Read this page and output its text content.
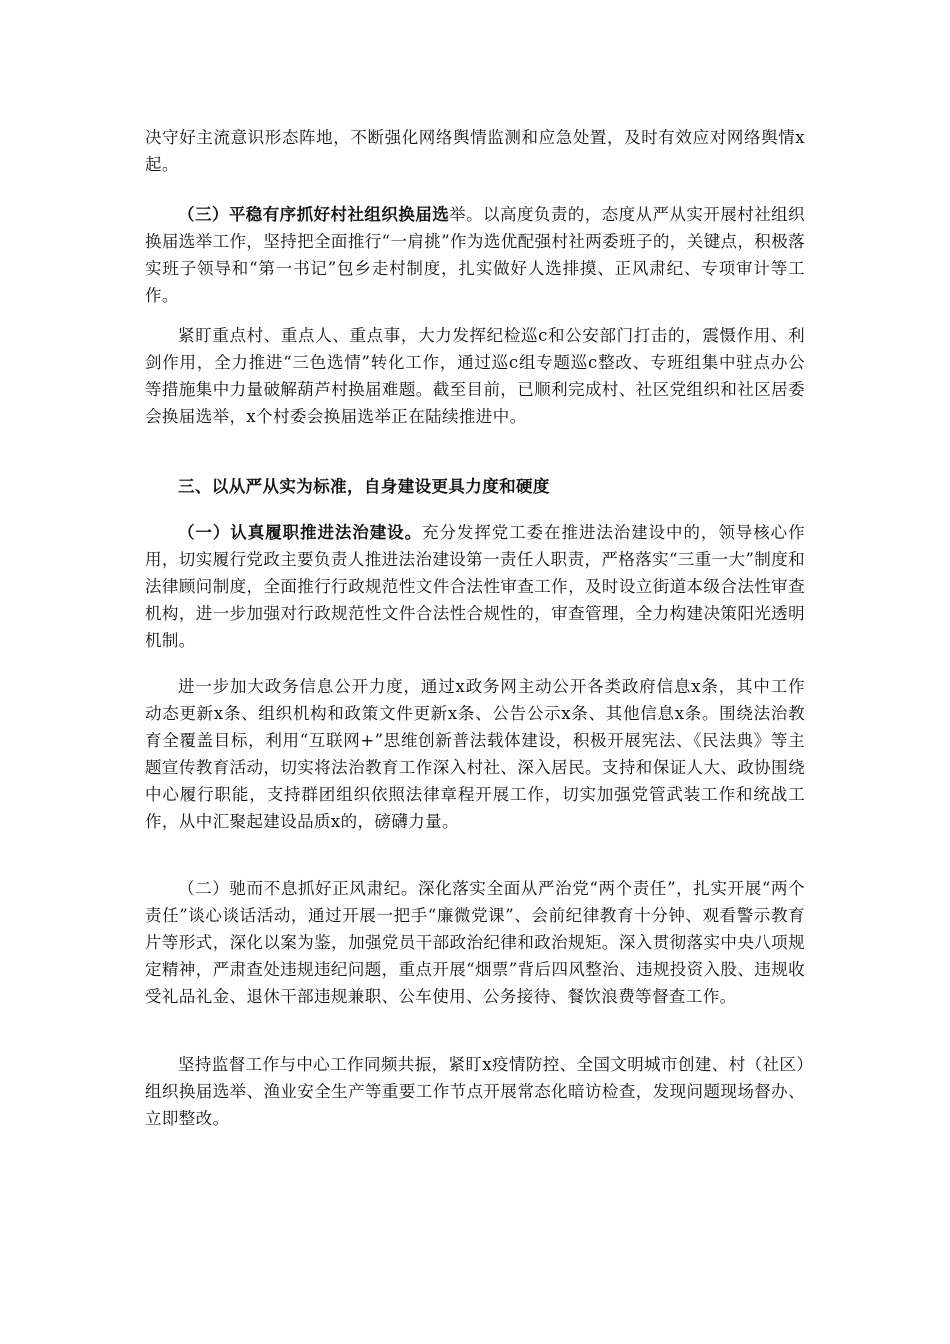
决守好主流意识形态阵地，不断强化网络舆情监测和应急处置，及时有效应对网络舆情x起。

（三）平稳有序抓好村社组织换届选举。以高度负责的，态度从严从实开展村社组织换届选举工作，坚持把全面推行“一肩挑”作为选优配强村社两委班子的，关键点，积极落实班子领导和“第一书记”包乡走村制度，扎实做好人选排摸、正风肃纪、专项审计等工作。

紧盯重点村、重点人、重点事，大力发挥纪检巡c和公安部门打击的，震慑作用、利剑作用，全力推进“三色选情”转化工作，通过巡c组专题巡c整改、专班组集中驻点办公等措施集中力量破解葫芦村换届难题。截至目前，已顺利完成村、社区党组织和社区居委会换届选举，x个村委会换届选举正在陆续推进中。

三、以从严从实为标准，自身建设更具力度和硬度

（一）认真履职推进法治建设。充分发挥党工委在推进法治建设中的，领导核心作用，切实履行党政主要负责人推进法治建设第一责任人职责，严格落实“三重一大”制度和法律顾问制度，全面推行行政规范性文件合法性审查工作，及时设立街道本级合法性审查机构，进一步加强对行政规范性文件合法性合规性的，审查管理，全力构建决策阳光透明机制。

进一步加大政务信息公开力度，通过x政务网主动公开各类政府信息x条，其中工作动态更新x条、组织机构和政策文件更新x条、公告公示x条、其他信息x条。围绕法治教育全覆盖目标，利用“互联网+”思维创新普法载体建设，积极开展宪法、《民法典》等主题宣传教育活动，切实将法治教育工作深入村社、深入居民。支持和保证人大、政协围绕中心履行职能，支持群团组织依照法律章程开展工作，切实加强党管武装工作和统战工作，从中汇聚起建设品质x的，磅礴力量。

（二）驰而不息抓好正风肃纪。深化落实全面从严治党“两个责任”，扎实开展“两个责任”谈心谈话活动，通过开展一把手“廉微党课”、会前纪律教育十分钟、观看警示教育片等形式，深化以案为鉴，加强党员干部政治纪律和政治规矩。深入贯彻落实中央八项规定精神，严肃查处违规违纪问题，重点开展“烟票”背后四风整治、违规投资入股、违规收受礼品礼金、退休干部违规兼职、公车使用、公务接待、餐饮浪费等督查工作。

坚持监督工作与中心工作同频共振，紧盯x疫情防控、全国文明城市创建、村（社区）组织换届选举、渔业安全生产等重要工作节点开展常态化暗访检查，发现问题现场督办、立即整改。
